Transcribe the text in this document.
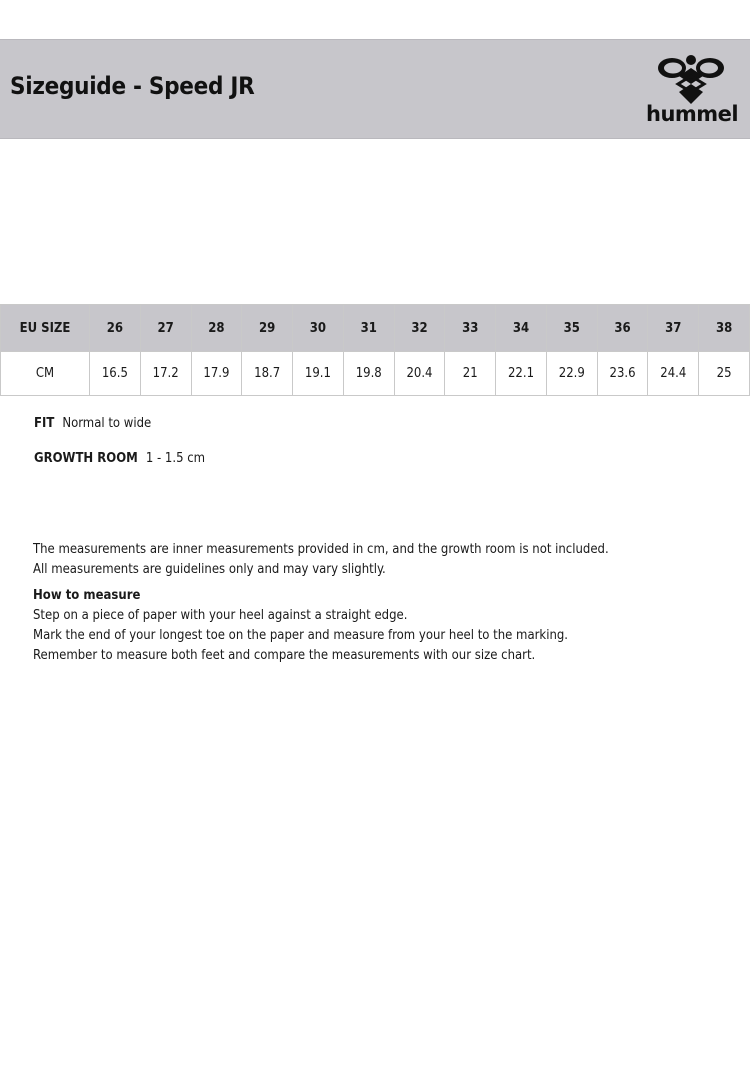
Sizeguide - Speed JR
hummel
EU SIZE	26	27	28	29	30	31	32	33	34	35	36	37	38
CM	16.5	17.2	17.9	18.7	19.1	19.8	20.4	21	22.1	22.9	23.6	24.4	25
FIT Normal to wide
GROWTH ROOM 1 - 1.5 cm
The measurements are inner measurements provided in cm, and the growth room is not included.
All measurements are guidelines only and may vary slightly.
How to measure
Step on a piece of paper with your heel against a straight edge.
Mark the end of your longest toe on the paper and measure from your heel to the marking.
Remember to measure both feet and compare the measurements with our size chart.
